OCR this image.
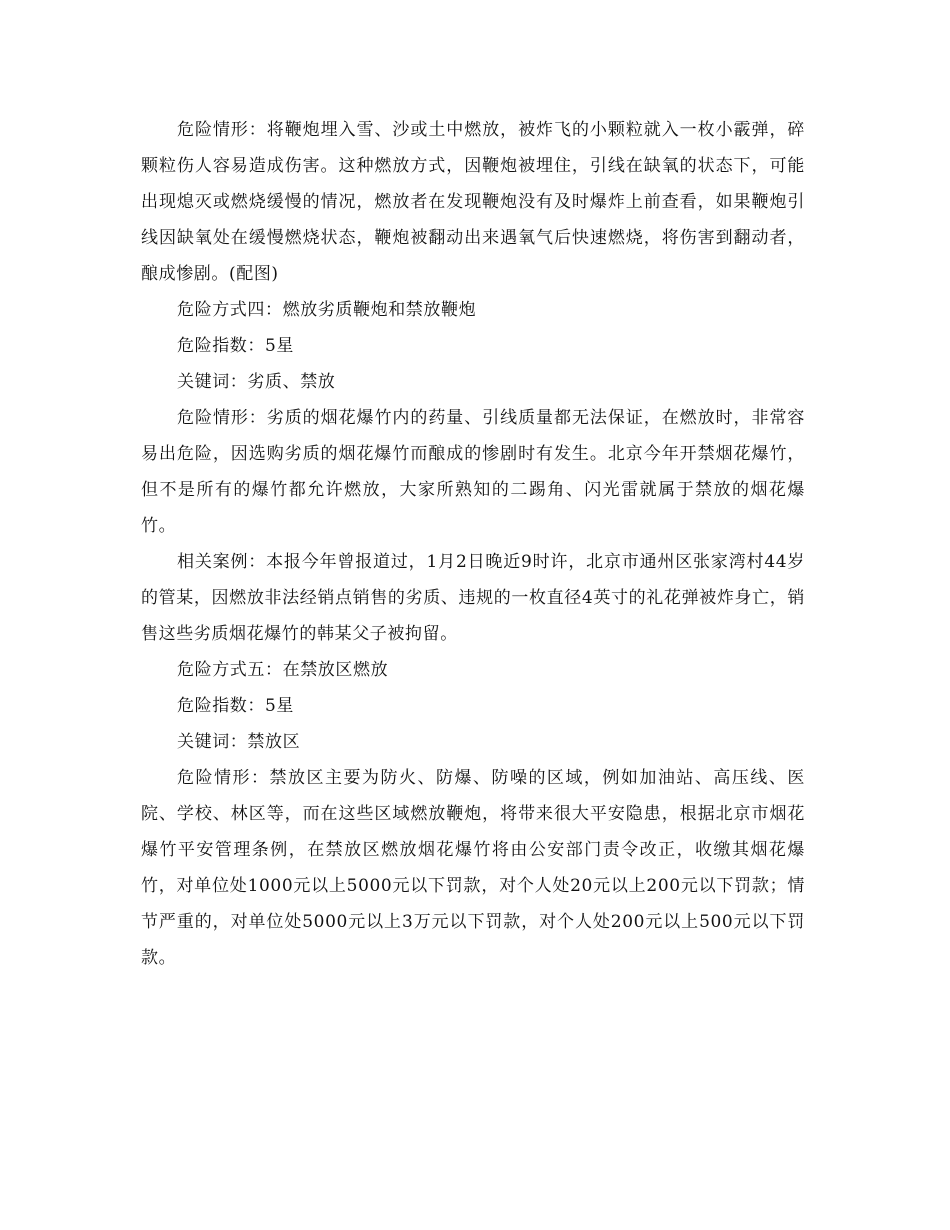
危险情形：将鞭炮埋入雪、沙或土中燃放，被炸飞的小颗粒就入一枚小霰弹，碎颗粒伤人容易造成伤害。这种燃放方式，因鞭炮被埋住，引线在缺氧的状态下，可能出现熄灭或燃烧缓慢的情况，燃放者在发现鞭炮没有及时爆炸上前查看，如果鞭炮引线因缺氧处在缓慢燃烧状态，鞭炮被翻动出来遇氧气后快速燃烧，将伤害到翻动者，酿成惨剧。(配图)

危险方式四：燃放劣质鞭炮和禁放鞭炮

危险指数：5星

关键词：劣质、禁放

危险情形：劣质的烟花爆竹内的药量、引线质量都无法保证，在燃放时，非常容易出危险，因选购劣质的烟花爆竹而酿成的惨剧时有发生。北京今年开禁烟花爆竹，但不是所有的爆竹都允许燃放，大家所熟知的二踢角、闪光雷就属于禁放的烟花爆竹。

相关案例：本报今年曾报道过，1月2日晚近9时许，北京市通州区张家湾村44岁的管某，因燃放非法经销点销售的劣质、违规的一枚直径4英寸的礼花弹被炸身亡，销售这些劣质烟花爆竹的韩某父子被拘留。

危险方式五：在禁放区燃放

危险指数：5星

关键词：禁放区

危险情形：禁放区主要为防火、防爆、防噪的区域，例如加油站、高压线、医院、学校、林区等，而在这些区域燃放鞭炮，将带来很大平安隐患，根据北京市烟花爆竹平安管理条例，在禁放区燃放烟花爆竹将由公安部门责令改正，收缴其烟花爆竹，对单位处1000元以上5000元以下罚款，对个人处20元以上200元以下罚款；情节严重的，对单位处5000元以上3万元以下罚款，对个人处200元以上500元以下罚款。
